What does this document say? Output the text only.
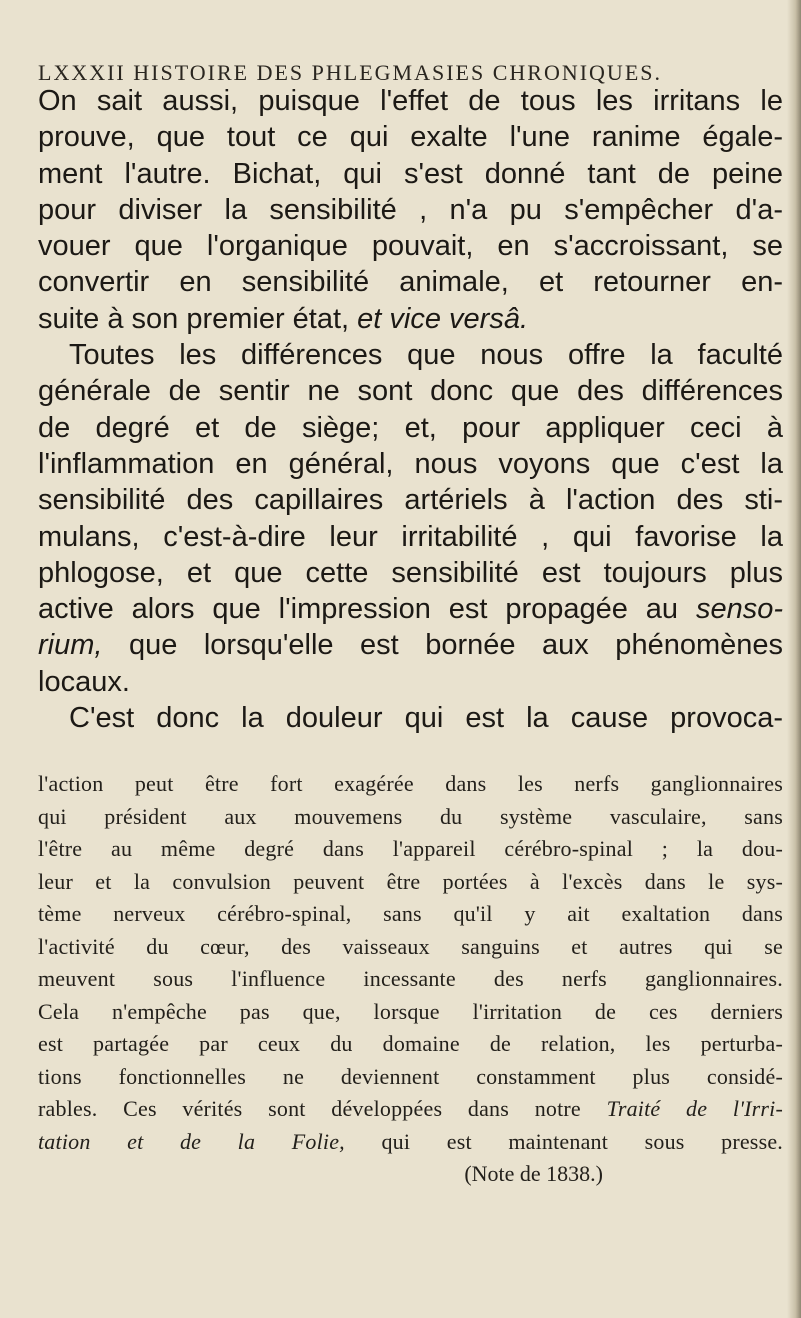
LXXXII HISTOIRE DES PHLEGMASIES CHRONIQUES.
On sait aussi, puisque l'effet de tous les irritans le
prouve, que tout ce qui exalte l'une ranime égale-
ment l'autre. Bichat, qui s'est donné tant de peine
pour diviser la sensibilité , n'a pu s'empêcher d'a-
vouer que l'organique pouvait, en s'accroissant, se
convertir en sensibilité animale, et retourner en-
suite à son premier état, et vice versâ.
Toutes les différences que nous offre la faculté
générale de sentir ne sont donc que des différences
de degré et de siège; et, pour appliquer ceci à
l'inflammation en général, nous voyons que c'est la
sensibilité des capillaires artériels à l'action des sti-
mulans, c'est-à-dire leur irritabilité , qui favorise la
phlogose, et que cette sensibilité est toujours plus
active alors que l'impression est propagée au senso-
rium, que lorsqu'elle est bornée aux phénomènes
locaux.
C'est donc la douleur qui est la cause provoca-
l'action peut être fort exagérée dans les nerfs ganglionnaires
qui président aux mouvemens du système vasculaire, sans
l'être au même degré dans l'appareil cérébro-spinal ; la dou-
leur et la convulsion peuvent être portées à l'excès dans le sys-
tème nerveux cérébro-spinal, sans qu'il y ait exaltation dans
l'activité du cœur, des vaisseaux sanguins et autres qui se
meuvent sous l'influence incessante des nerfs ganglionnaires.
Cela n'empêche pas que, lorsque l'irritation de ces derniers
est partagée par ceux du domaine de relation, les perturba-
tions fonctionnelles ne deviennent constamment plus considé-
rables. Ces vérités sont développées dans notre Traité de l'Irri-
tation et de la Folie, qui est maintenant sous presse.
(Note de 1838.)
